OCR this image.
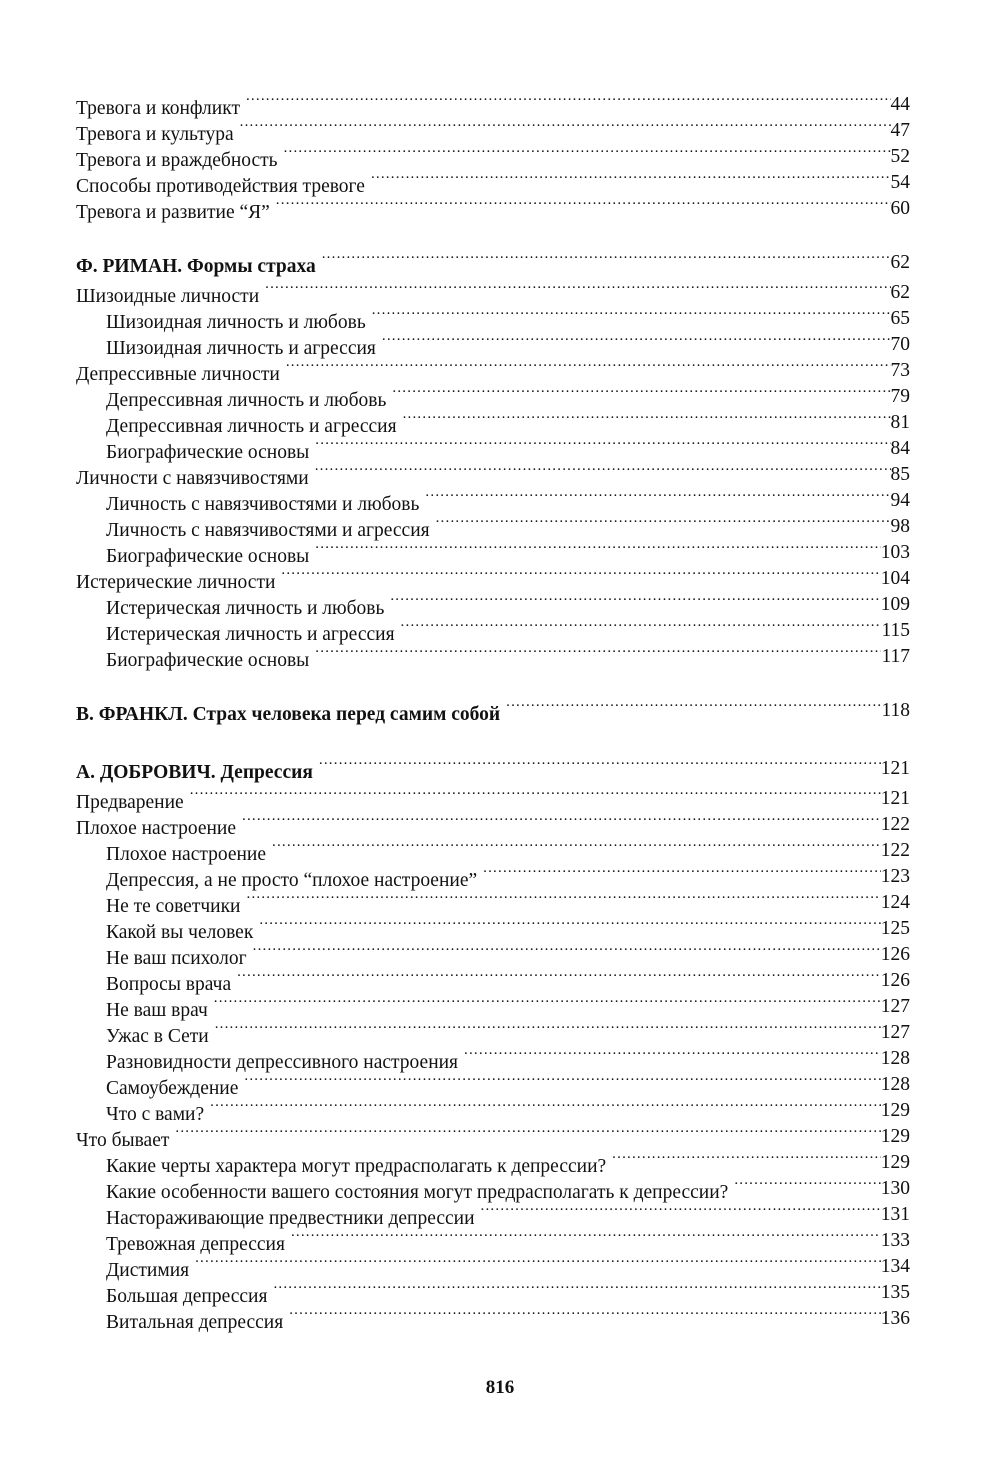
Тревога и конфликт .....	44
Тревога и культура .....	47
Тревога и враждебность .....	52
Способы противодействия тревоге .....	54
Тревога и развитие “Я” .....	60
Ф. РИМАН. Формы страха .....	62
Шизоидные личности .....	62
Шизоидная личность и любовь .....	65
Шизоидная личность и агрессия .....	70
Депрессивные личности .....	73
Депрессивная личность и любовь .....	79
Депрессивная личность и агрессия .....	81
Биографические основы .....	84
Личности с навязчивостями .....	85
Личность с навязчивостями и любовь .....	94
Личность с навязчивостями и агрессия .....	98
Биографические основы .....	103
Истерические личности .....	104
Истерическая личность и любовь .....	109
Истерическая личность и агрессия .....	115
Биографические основы .....	117
В. ФРАНКЛ. Страх человека перед самим собой .....	118
А. ДОБРОВИЧ. Депрессия .....	121
Предварение .....	121
Плохое настроение .....	122
Плохое настроение .....	122
Депрессия, а не просто “плохое настроение” .....	123
Не те советчики .....	124
Какой вы человек .....	125
Не ваш психолог .....	126
Вопросы врача .....	126
Не ваш врач .....	127
Ужас в Сети .....	127
Разновидности депрессивного настроения .....	128
Самоубеждение .....	128
Что с вами? .....	129
Что бывает .....	129
Какие черты характера могут предрасполагать к депрессии? .....	129
Какие особенности вашего состояния могут предрасполагать к депрессии? .....	130
Настораживающие предвестники депрессии .....	131
Тревожная депрессия .....	133
Дистимия .....	134
Большая депрессия .....	135
Витальная депрессия .....	136
816
